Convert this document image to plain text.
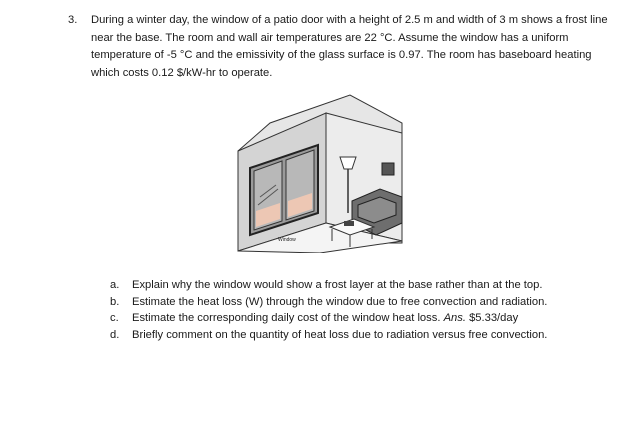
3. During a winter day, the window of a patio door with a height of 2.5 m and width of 3 m shows a frost line near the base. The room and wall air temperatures are 22 °C. Assume the window has a uniform temperature of -5 °C and the emissivity of the glass surface is 0.97. The room has baseboard heating which costs 0.12 $/kW-hr to operate.
Window
a. Explain why the window would show a frost layer at the base rather than at the top.
b. Estimate the heat loss (W) through the window due to free convection and radiation.
c. Estimate the corresponding daily cost of the window heat loss. Ans. $5.33/day
d. Briefly comment on the quantity of heat loss due to radiation versus free convection.
